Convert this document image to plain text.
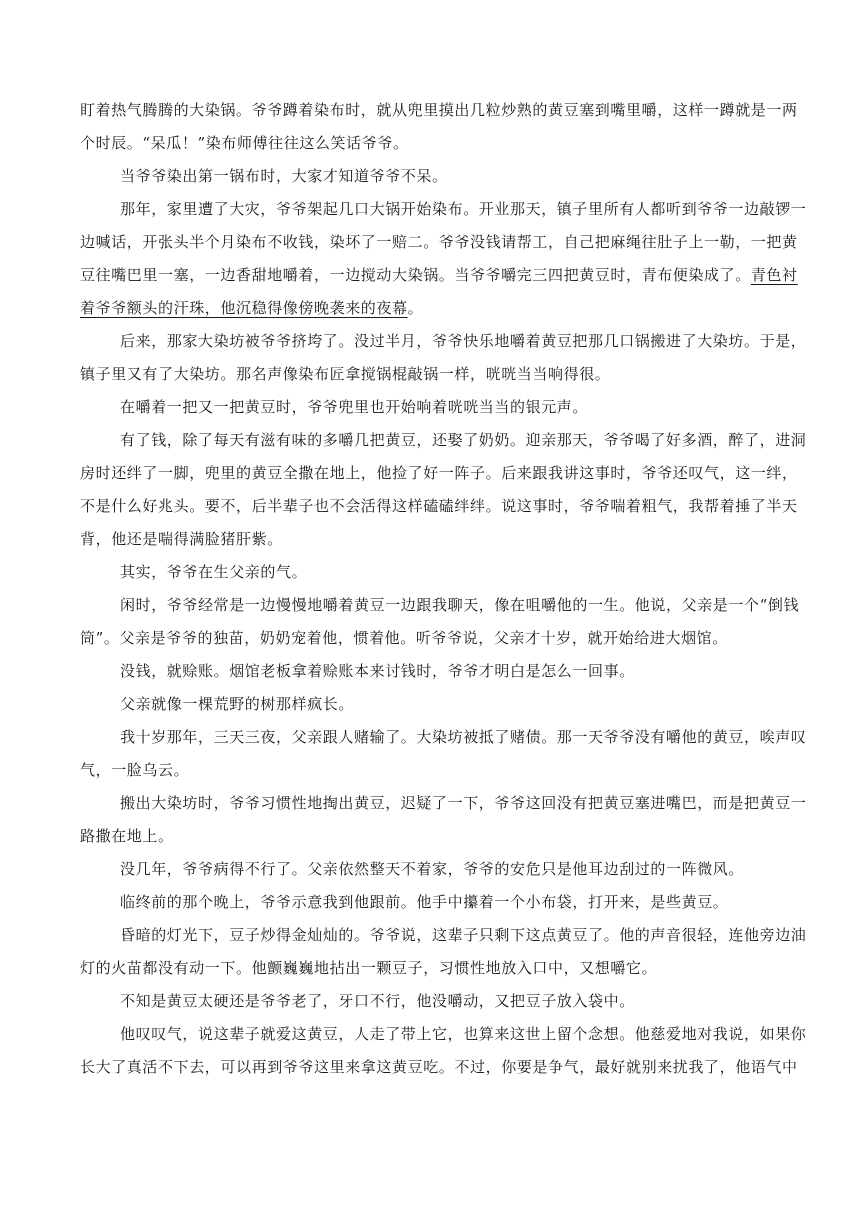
盯着热气腾腾的大染锅。爷爷蹲着染布时，就从兜里摸出几粒炒熟的黄豆塞到嘴里嚼，这样一蹲就是一两
个时辰。“呆瓜！”染布师傅往往这么笑话爷爷。
当爷爷染出第一锅布时，大家才知道爷爷不呆。
那年，家里遭了大灾，爷爷架起几口大锅开始染布。开业那天，镇子里所有人都听到爷爷一边敲锣一
边喊话，开张头半个月染布不收钱，染坏了一赔二。爷爷没钱请帮工，自己把麻绳往肚子上一勒，一把黄
豆往嘴巴里一塞，一边香甜地嚼着，一边搅动大染锅。当爷爷嚼完三四把黄豆时，青布便染成了。青色衬
着爷爷额头的汗珠，他沉稳得像傍晚袭来的夜幕。
后来，那家大染坊被爷爷挤垮了。没过半月，爷爷快乐地嚼着黄豆把那几口锅搬进了大染坊。于是，
镇子里又有了大染坊。那名声像染布匠拿搅锅棍敲锅一样，咣咣当当响得很。
在嚼着一把又一把黄豆时，爷爷兜里也开始响着咣咣当当的银元声。
有了钱，除了每天有滋有味的多嚼几把黄豆，还娶了奶奶。迎亲那天，爷爷喝了好多酒，醉了，进洞
房时还绊了一脚，兜里的黄豆全撒在地上，他捡了好一阵子。后来跟我讲这事时，爷爷还叹气，这一绊，
不是什么好兆头。要不，后半辈子也不会活得这样磕磕绊绊。说这事时，爷爷喘着粗气，我帮着捶了半天
背，他还是喘得满脸猪肝紫。
其实，爷爷在生父亲的气。
闲时，爷爷经常是一边慢慢地嚼着黄豆一边跟我聊天，像在咀嚼他的一生。他说，父亲是一个“倒钱
筒”。父亲是爷爷的独苗，奶奶宠着他，惯着他。听爷爷说，父亲才十岁，就开始给进大烟馆。
没钱，就赊账。烟馆老板拿着赊账本来讨钱时，爷爷才明白是怎么一回事。
父亲就像一棵荒野的树那样疯长。
我十岁那年，三天三夜，父亲跟人赌输了。大染坊被抵了赌债。那一天爷爷没有嚼他的黄豆，唉声叹
气，一脸乌云。
搬出大染坊时，爷爷习惯性地掏出黄豆，迟疑了一下，爷爷这回没有把黄豆塞进嘴巴，而是把黄豆一
路撒在地上。
没几年，爷爷病得不行了。父亲依然整天不着家，爷爷的安危只是他耳边刮过的一阵微风。
临终前的那个晚上，爷爷示意我到他跟前。他手中攥着一个小布袋，打开来，是些黄豆。
昏暗的灯光下，豆子炒得金灿灿的。爷爷说，这辈子只剩下这点黄豆了。他的声音很轻，连他旁边油
灯的火苗都没有动一下。他颤巍巍地拈出一颗豆子，习惯性地放入口中，又想嚼它。
不知是黄豆太硬还是爷爷老了，牙口不行，他没嚼动，又把豆子放入袋中。
他叹叹气，说这辈子就爱这黄豆，人走了带上它，也算来这世上留个念想。他慈爱地对我说，如果你
长大了真活不下去，可以再到爷爷这里来拿这黄豆吃。不过，你要是争气，最好就别来扰我了，他语气中
